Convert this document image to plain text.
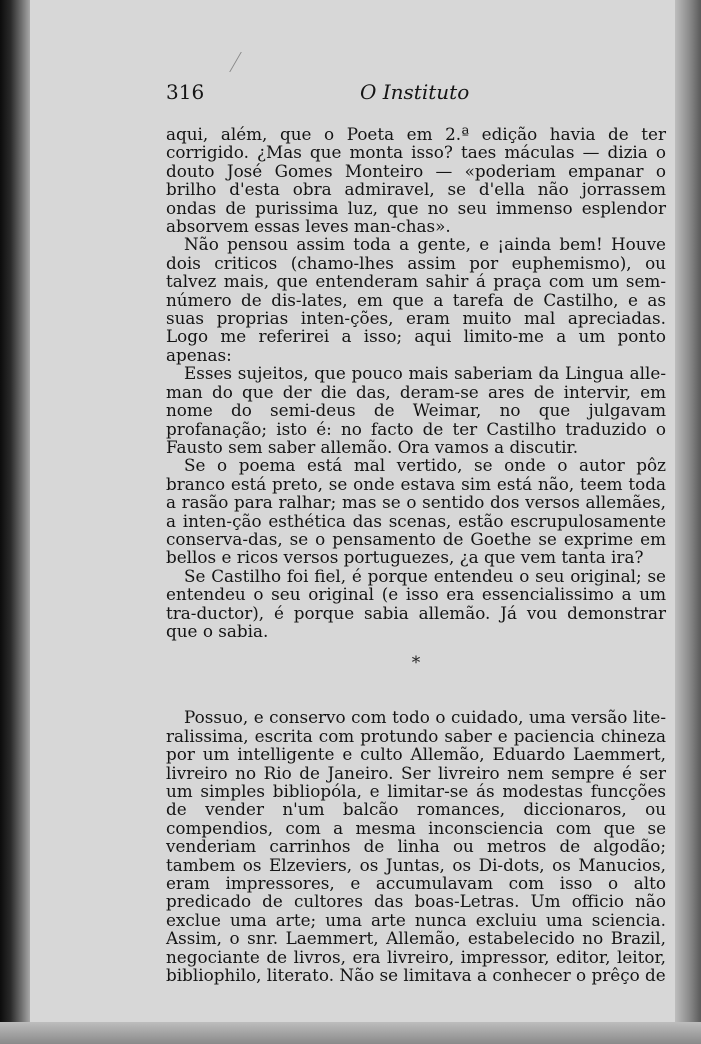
316	O Instituto

aqui, além, que o Poeta em 2.ª edição havia de ter corrigido. ¿Mas que monta isso? taes máculas — dizia o douto José Gomes Monteiro — «poderiam empanar o brilho d'esta obra admiravel, se d'ella não jorrassem ondas de purissima luz, que no seu immenso esplendor absorvem essas leves man-chas».

Não pensou assim toda a gente, e ¡ainda bem! Houve dois criticos (chamo-lhes assim por euphemismo), ou talvez mais, que entenderam sahir á praça com um sem-número de dis-lates, em que a tarefa de Castilho, e as suas proprias inten-ções, eram muito mal apreciadas. Logo me referirei a isso; aqui limito-me a um ponto apenas:

Esses sujeitos, que pouco mais saberiam da Lingua alle-man do que der die das, deram-se ares de intervir, em nome do semi-deus de Weimar, no que julgavam profanação; isto é: no facto de ter Castilho traduzido o Fausto sem saber allemão. Ora vamos a discutir.

Se o poema está mal vertido, se onde o autor pôz branco está preto, se onde estava sim está não, teem toda a rasão para ralhar; mas se o sentido dos versos allemães, a inten-ção esthética das scenas, estão escrupulosamente conserva-das, se o pensamento de Goethe se exprime em bellos e ricos versos portuguezes, ¿a que vem tanta ira?

Se Castilho foi fiel, é porque entendeu o seu original; se entendeu o seu original (e isso era essencialissimo a um tra-ductor), é porque sabia allemão. Já vou demonstrar que o sabia.

*

Possuo, e conservo com todo o cuidado, uma versão lite-ralissima, escrita com protundo saber e paciencia chineza por um intelligente e culto Allemão, Eduardo Laemmert, livreiro no Rio de Janeiro. Ser livreiro nem sempre é ser um simples bibliopóla, e limitar-se ás modestas funcções de vender n'um balcão romances, diccionaros, ou compendios, com a mesma inconsciencia com que se venderiam carrinhos de linha ou metros de algodão; tambem os Elzeviers, os Juntas, os Di-dots, os Manucios, eram impressores, e accumulavam com isso o alto predicado de cultores das boas-Letras. Um officio não exclue uma arte; uma arte nunca excluiu uma sciencia. Assim, o snr. Laemmert, Allemão, estabelecido no Brazil, negociante de livros, era livreiro, impressor, editor, leitor, bibliophilo, literato. Não se limitava a conhecer o prêço de
